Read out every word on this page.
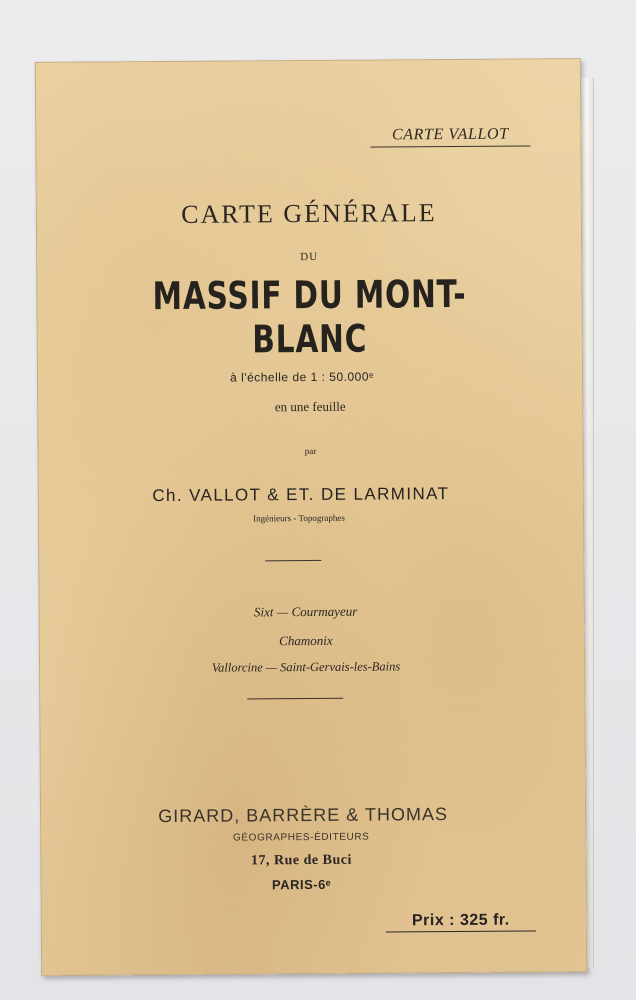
CARTE VALLOT
CARTE GÉNÉRALE
DU
MASSIF DU MONT-BLANC
à l'échelle de 1 : 50.000ᵉ
en une feuille
par
Ch. VALLOT & ET. DE LARMINAT
Ingénieurs - Topographes
Sixt — Courmayeur
Chamonix
Vallorcine — Saint-Gervais-les-Bains
GIRARD, BARRÈRE & THOMAS
GÉOGRAPHES-ÉDITEURS
17, Rue de Buci
PARIS-6ᵉ
Prix : 325 fr.
